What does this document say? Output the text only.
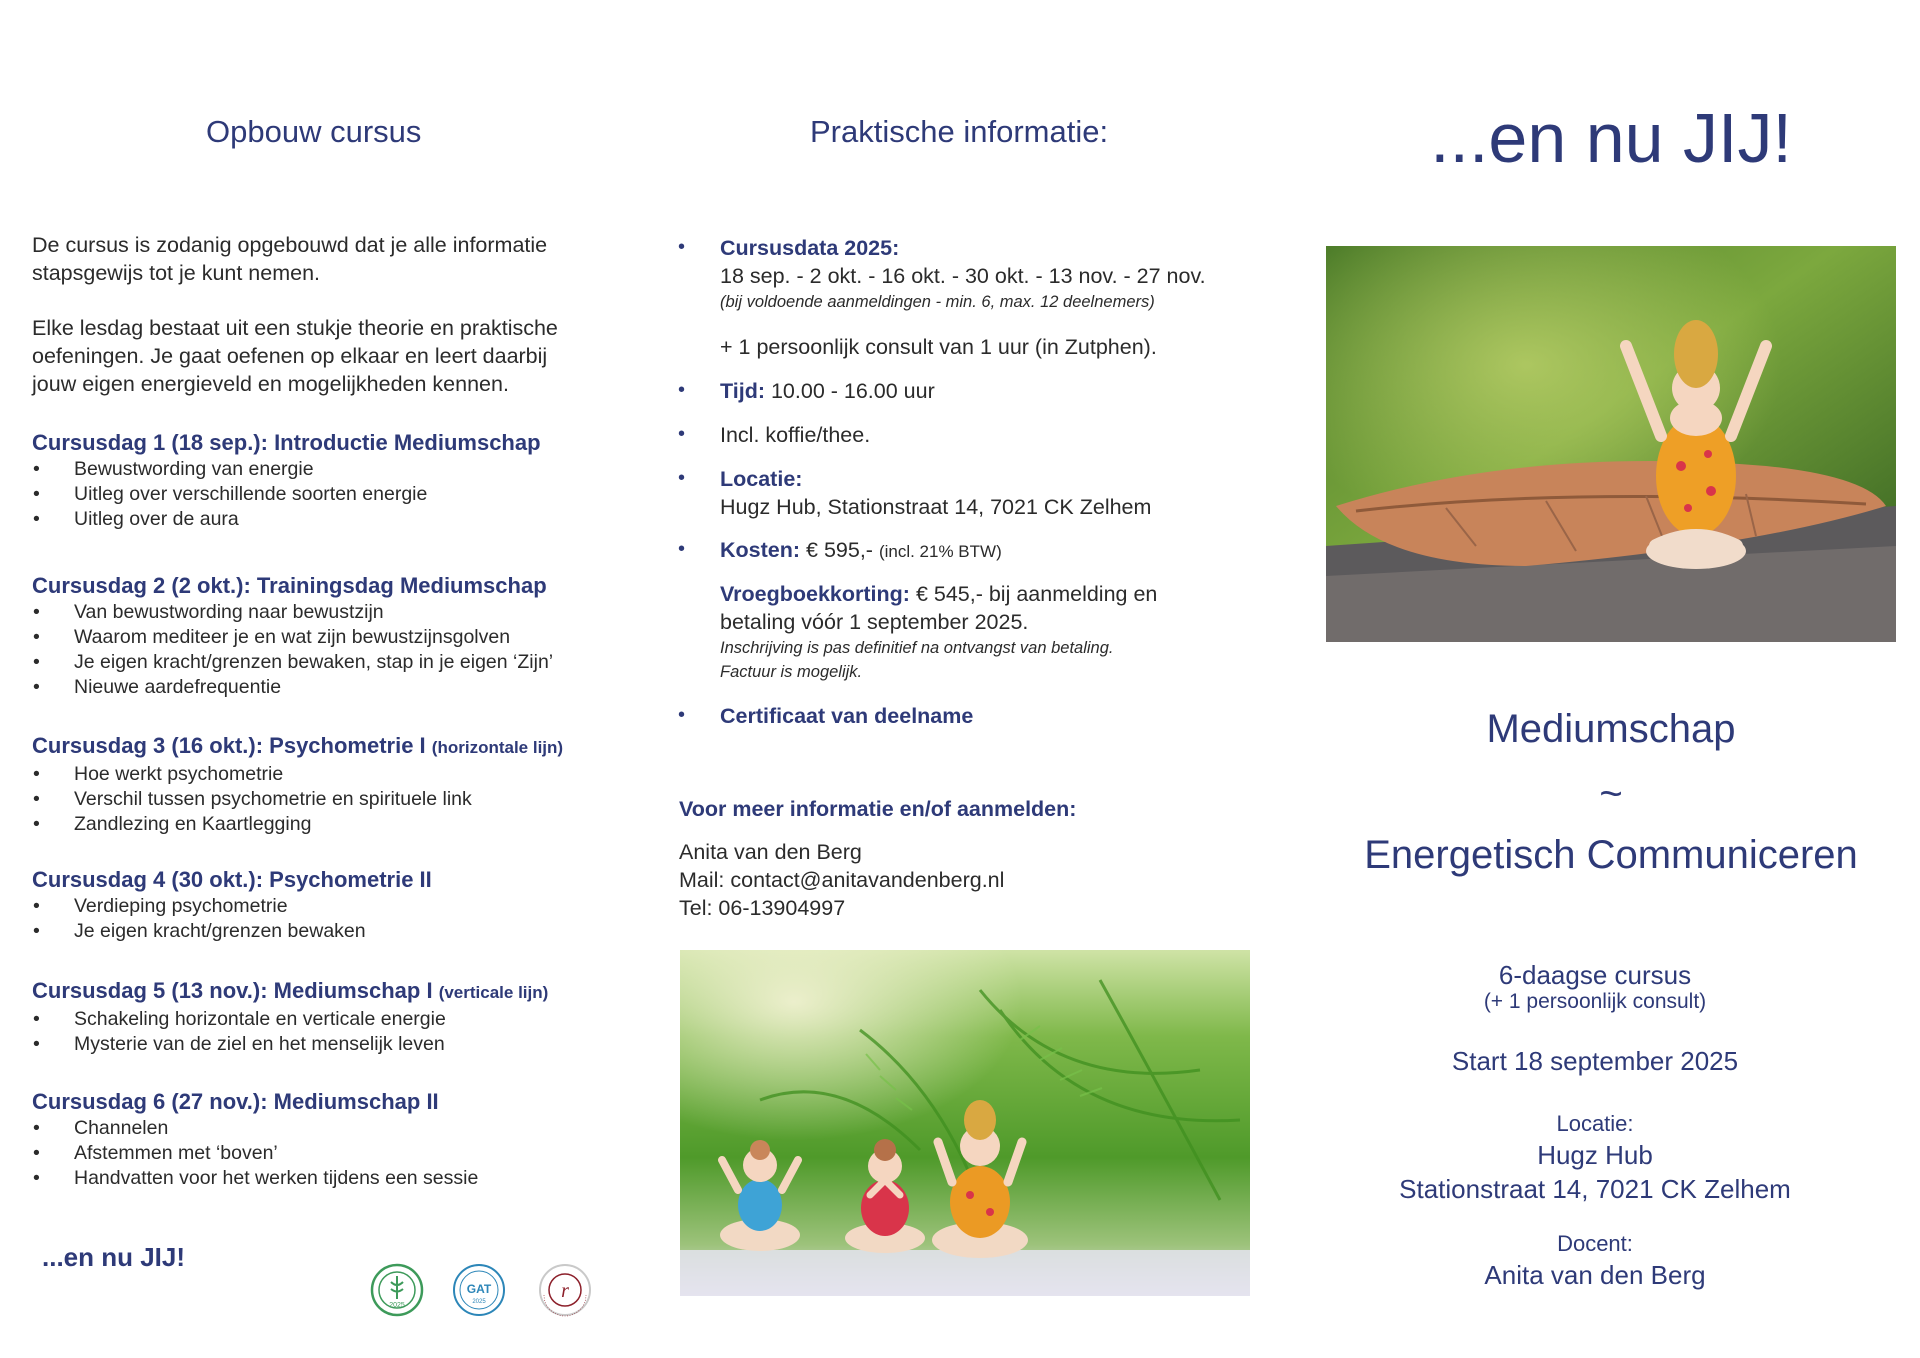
Opbouw cursus
De cursus is zodanig opgebouwd dat je alle informatie
stapsgewijs tot je kunt nemen.
Elke lesdag bestaat uit een stukje theorie en praktische
oefeningen. Je gaat oefenen op elkaar en leert daarbij
jouw eigen energieveld en mogelijkheden kennen.
Cursusdag 1 (18 sep.): Introductie Mediumschap
• Bewustwording van energie
• Uitleg over verschillende soorten energie
• Uitleg over de aura
Cursusdag 2 (2 okt.): Trainingsdag Mediumschap
• Van bewustwording naar bewustzijn
• Waarom mediteer je en wat zijn bewustzijnsgolven
• Je eigen kracht/grenzen bewaken, stap in je eigen ‘Zijn’
• Nieuwe aardefrequentie
Cursusdag 3 (16 okt.): Psychometrie I (horizontale lijn)
• Hoe werkt psychometrie
• Verschil tussen psychometrie en spirituele link
• Zandlezing en Kaartlegging
Cursusdag 4 (30 okt.): Psychometrie II
• Verdieping psychometrie
• Je eigen kracht/grenzen bewaken
Cursusdag 5 (13 nov.): Mediumschap I (verticale lijn)
• Schakeling horizontale en verticale energie
• Mysterie van de ziel en het menselijk leven
Cursusdag 6 (27 nov.): Mediumschap II
• Channelen
• Afstemmen met ‘boven’
• Handvatten voor het werken tijdens een sessie
...en nu JIJ!
2025
GAT
2025	r
Praktische informatie:
• Cursusdata 2025:
18 sep. - 2 okt. - 16 okt. - 30 okt. - 13 nov. - 27 nov.
(bij voldoende aanmeldingen - min. 6, max. 12 deelnemers)
+ 1 persoonlijk consult van 1 uur (in Zutphen).
• Tijd: 10.00 - 16.00 uur
• Incl. koffie/thee.
• Locatie:
Hugz Hub, Stationstraat 14, 7021 CK Zelhem
• Kosten: € 595,- (incl. 21% BTW)
Vroegboekkorting: € 545,- bij aanmelding en
betaling vóór 1 september 2025.
Inschrijving is pas definitief na ontvangst van betaling.
Factuur is mogelijk.
• Certificaat van deelname
Voor meer informatie en/of aanmelden:
Anita van den Berg
Mail: contact@anitavandenberg.nl
Tel: 06-13904997
...en nu JIJ!
Mediumschap
~
Energetisch Communiceren
6-daagse cursus
(+ 1 persoonlijk consult)
Start 18 september 2025
Locatie:
Hugz Hub
Stationstraat 14, 7021 CK Zelhem
Docent:
Anita van den Berg
